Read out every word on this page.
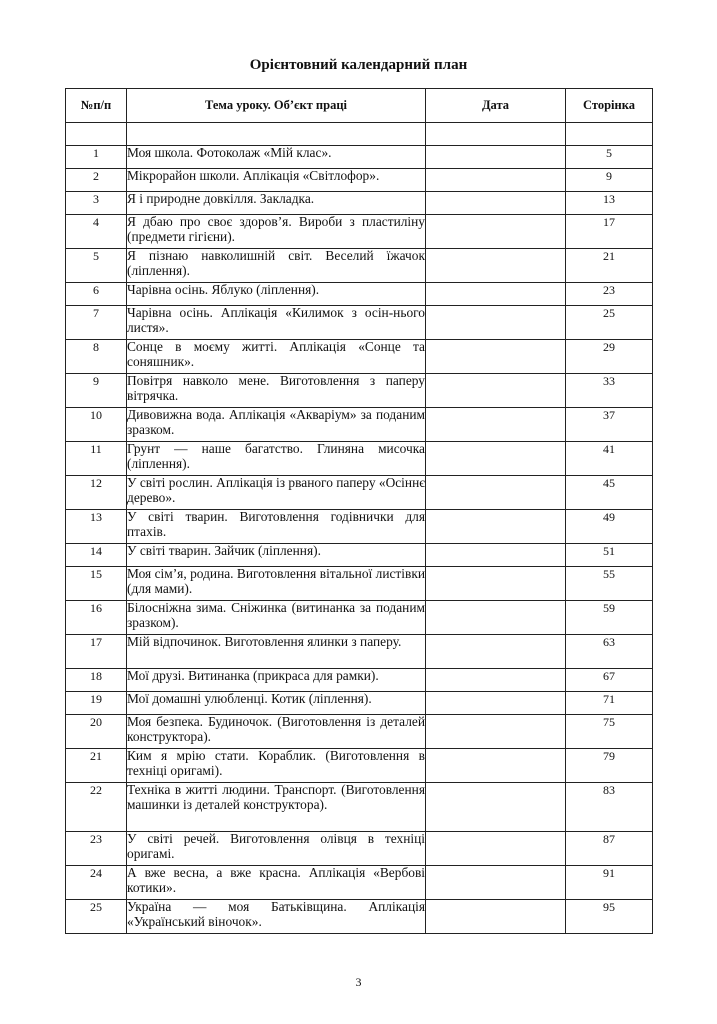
Орієнтовний календарний план
№п/п	Тема уроку. Об’єкт праці	Дата	Сторінка

1	Моя школа. Фотоколаж «Мій клас».		5
2	Мікрорайон школи. Аплікація «Світлофор».		9
3	Я і природне довкілля. Закладка.		13
4	Я дбаю про своє здоров’я. Вироби з пластиліну (предмети гігієни).		17
5	Я пізнаю навколишній світ. Веселий їжачок (ліплення).		21
6	Чарівна осінь. Яблуко (ліплення).		23
7	Чарівна осінь. Аплікація «Килимок з осін-нього листя».		25
8	Сонце в моєму житті. Аплікація «Сонце та соняшник».		29
9	Повітря навколо мене. Виготовлення з паперу вітрячка.		33
10	Дивовижна вода. Аплікація «Акваріум» за поданим зразком.		37
11	Грунт — наше багатство. Глиняна мисочка (ліплення).		41
12	У світі рослин. Аплікація із рваного паперу «Осіннє дерево».		45
13	У світі тварин. Виготовлення годівнички для птахів.		49
14	У світі тварин. Зайчик (ліплення).		51
15	Моя сім’я, родина. Виготовлення вітальної листівки (для мами).		55
16	Білосніжна зима. Сніжинка (витинанка за поданим зразком).		59
17	Мій відпочинок. Виготовлення ялинки з паперу.		63
18	Мої друзі. Витинанка (прикраса для рамки).		67
19	Мої домашні улюбленці. Котик (ліплення).		71
20	Моя безпека. Будиночок. (Виготовлення із деталей конструктора).		75
21	Ким я мрію стати. Кораблик. (Виготовлення в техніці оригамі).		79
22	Техніка в житті людини. Транспорт. (Виготовлення машинки із деталей конструктора).		83
23	У світі речей. Виготовлення олівця в техніці оригамі.		87
24	А вже весна, а вже красна. Аплікація «Вербові котики».		91
25	Україна — моя Батьківщина. Аплікація «Український віночок».		95
3
